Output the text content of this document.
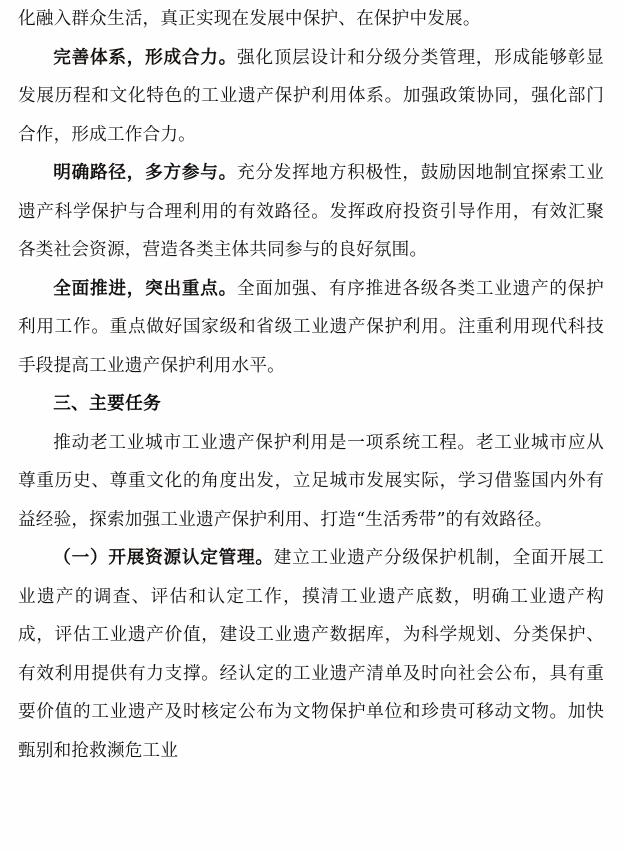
化融入群众生活，真正实现在发展中保护、在保护中发展。

完善体系，形成合力。强化顶层设计和分级分类管理，形成能够彰显发展历程和文化特色的工业遗产保护利用体系。加强政策协同，强化部门合作，形成工作合力。

明确路径，多方参与。充分发挥地方积极性，鼓励因地制宜探索工业遗产科学保护与合理利用的有效路径。发挥政府投资引导作用，有效汇聚各类社会资源，营造各类主体共同参与的良好氛围。

全面推进，突出重点。全面加强、有序推进各级各类工业遗产的保护利用工作。重点做好国家级和省级工业遗产保护利用。注重利用现代科技手段提高工业遗产保护利用水平。

三、主要任务

推动老工业城市工业遗产保护利用是一项系统工程。老工业城市应从尊重历史、尊重文化的角度出发，立足城市发展实际，学习借鉴国内外有益经验，探索加强工业遗产保护利用、打造“生活秀带”的有效路径。

（一）开展资源认定管理。建立工业遗产分级保护机制，全面开展工业遗产的调查、评估和认定工作，摸清工业遗产底数，明确工业遗产构成，评估工业遗产价值，建设工业遗产数据库，为科学规划、分类保护、有效利用提供有力支撑。经认定的工业遗产清单及时向社会公布，具有重要价值的工业遗产及时核定公布为文物保护单位和珍贵可移动文物。加快甄别和抢救濒危工业
